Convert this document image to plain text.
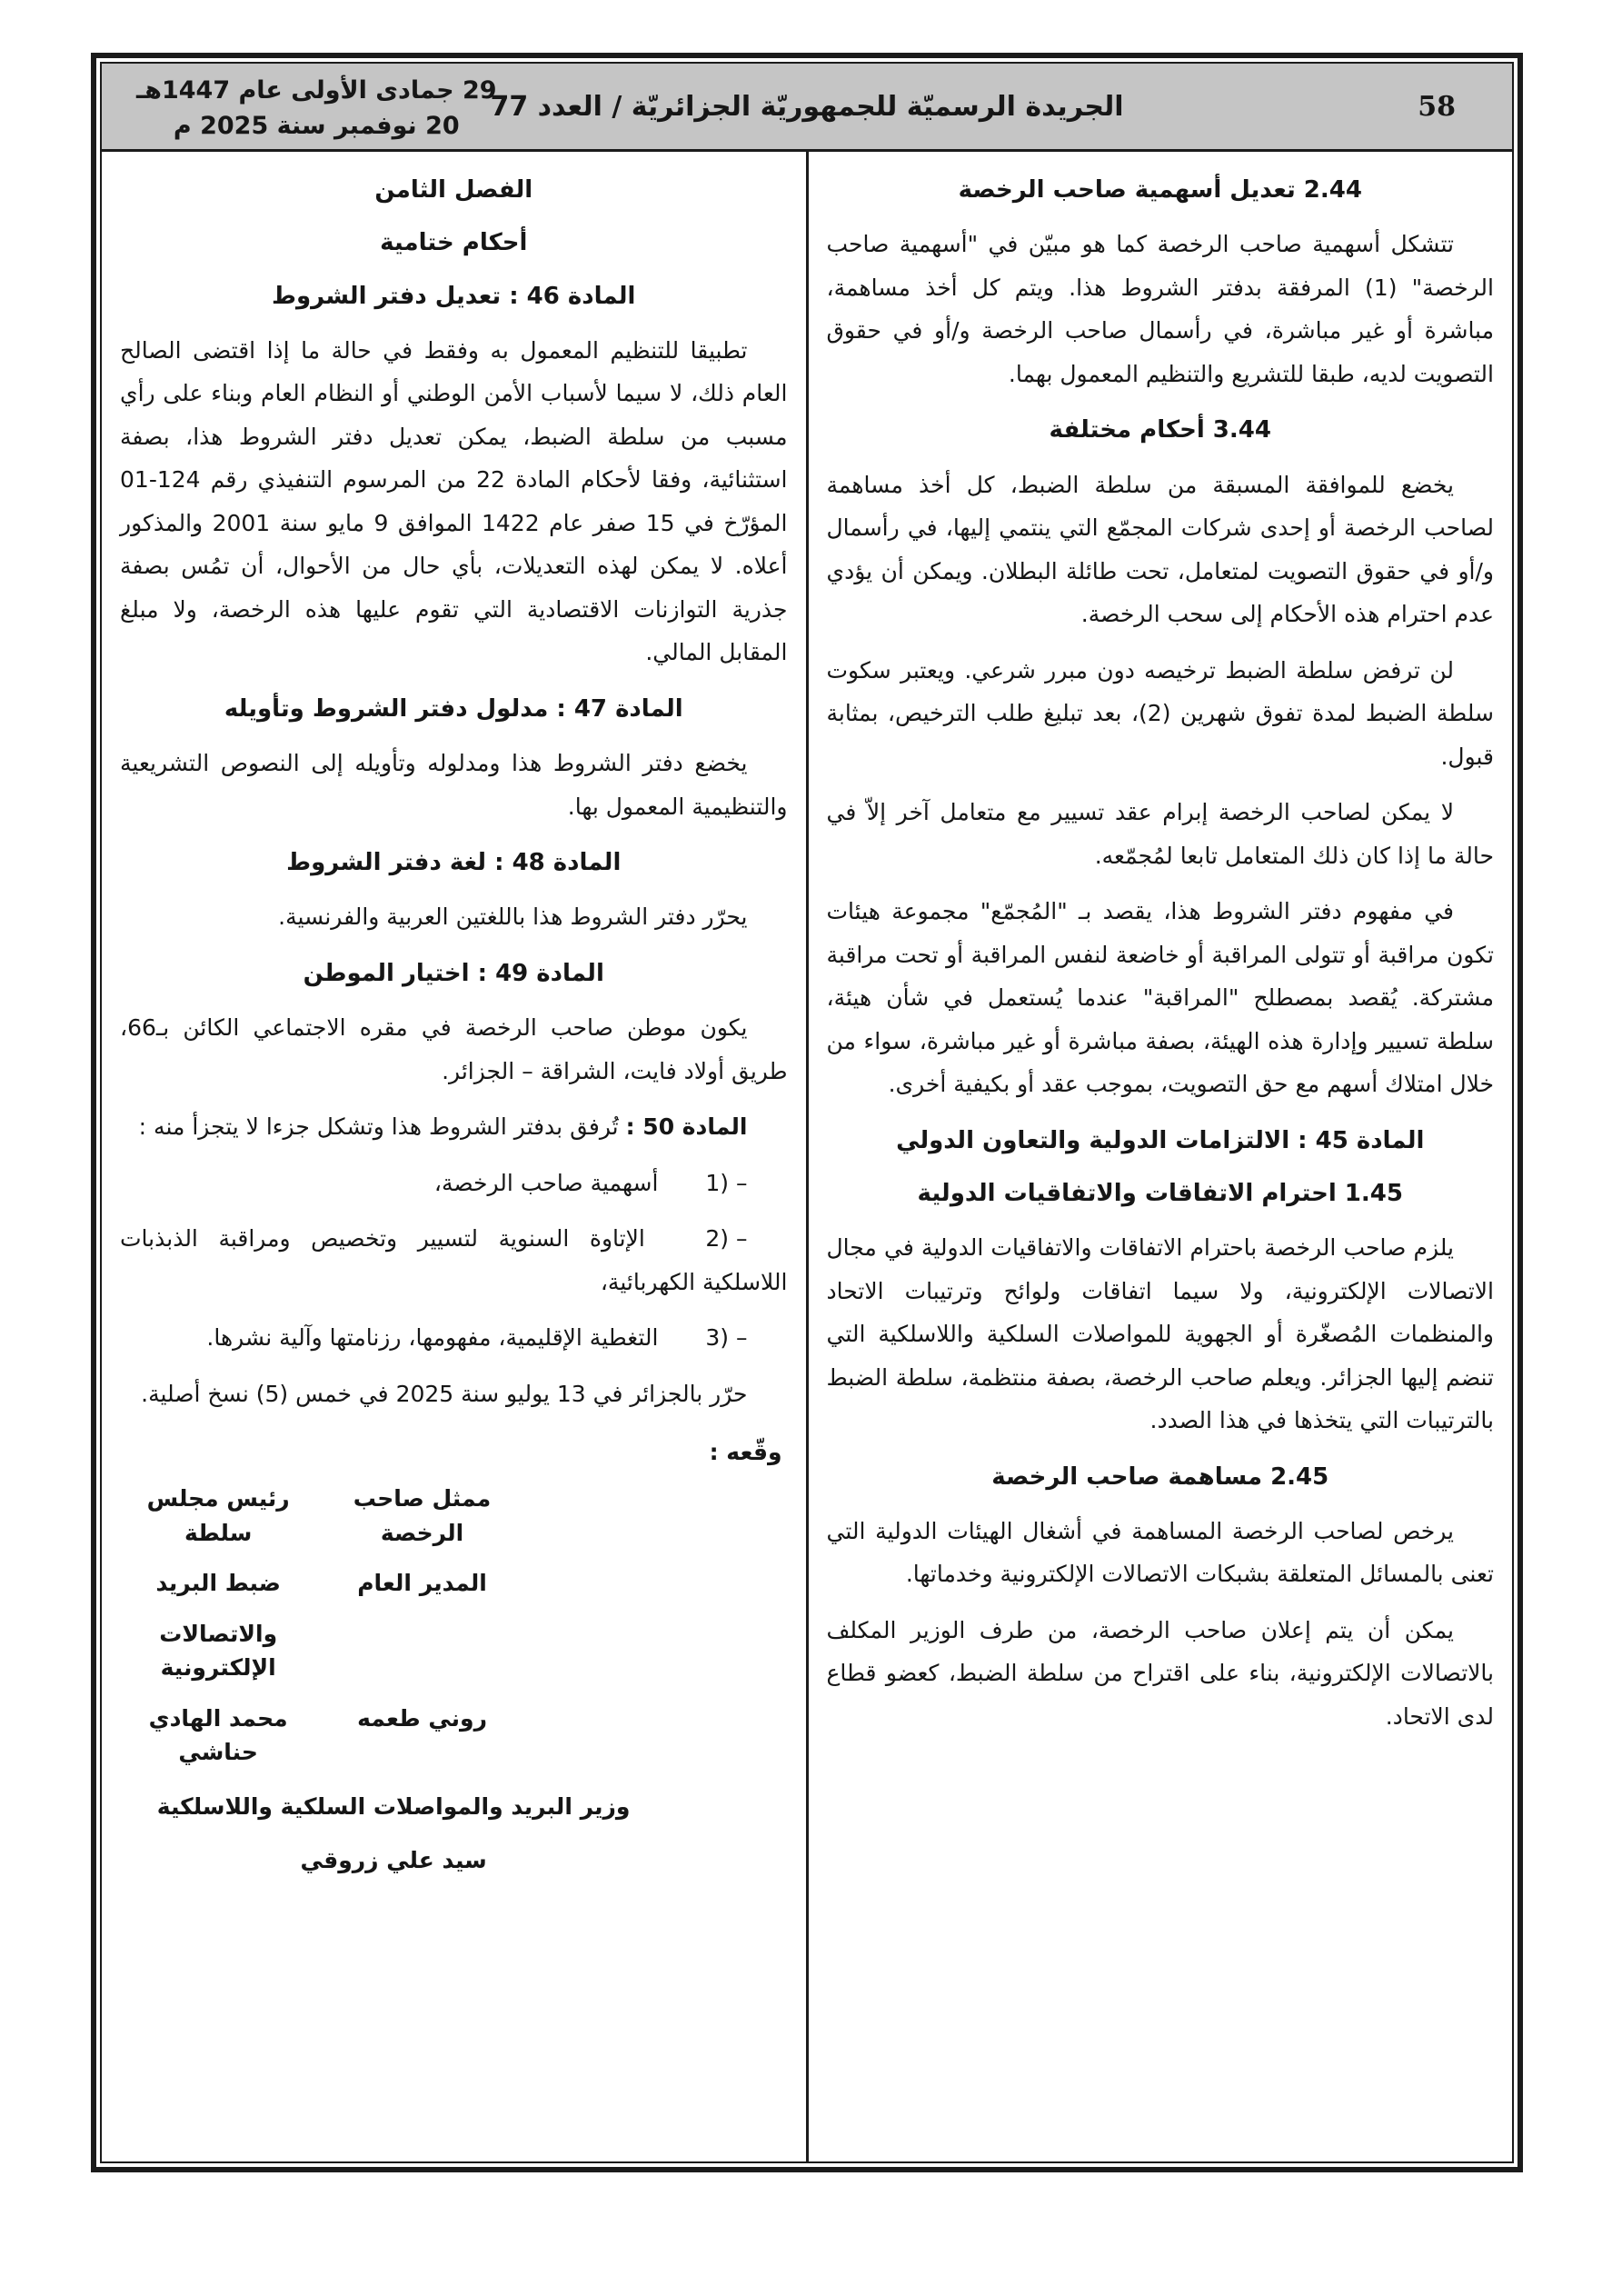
29 جمادى الأولى عام 1447هـ
20 نوفمبر سنة 2025 م
الجريدة الرسميّة للجمهوريّة الجزائريّة / العدد 77	58
2.44 تعديل أسهمية صاحب الرخصة

تتشكل أسهمية صاحب الرخصة كما هو مبيّن في "أسهمية صاحب الرخصة" (1) المرفقة بدفتر الشروط هذا. ويتم كل أخذ مساهمة، مباشرة أو غير مباشرة، في رأسمال صاحب الرخصة و/أو في حقوق التصويت لديه، طبقا للتشريع والتنظيم المعمول بهما.

3.44 أحكام مختلفة

يخضع للموافقة المسبقة من سلطة الضبط، كل أخذ مساهمة لصاحب الرخصة أو إحدى شركات المجمّع التي ينتمي إليها، في رأسمال و/أو في حقوق التصويت لمتعامل، تحت طائلة البطلان. ويمكن أن يؤدي عدم احترام هذه الأحكام إلى سحب الرخصة.

لن ترفض سلطة الضبط ترخيصه دون مبرر شرعي. ويعتبر سكوت سلطة الضبط لمدة تفوق شهرين (2)، بعد تبليغ طلب الترخيص، بمثابة قبول.

لا يمكن لصاحب الرخصة إبرام عقد تسيير مع متعامل آخر إلاّ في حالة ما إذا كان ذلك المتعامل تابعا لمُجمّعه.

في مفهوم دفتر الشروط هذا، يقصد بـ "المُجمّع" مجموعة هيئات تكون مراقبة أو تتولى المراقبة أو خاضعة لنفس المراقبة أو تحت مراقبة مشتركة. يُقصد بمصطلح "المراقبة" عندما يُستعمل في شأن هيئة، سلطة تسيير وإدارة هذه الهيئة، بصفة مباشرة أو غير مباشرة، سواء من خلال امتلاك أسهم مع حق التصويت، بموجب عقد أو بكيفية أخرى.

المادة 45 : الالتزامات الدولية والتعاون الدولي
1.45 احترام الاتفاقات والاتفاقيات الدولية

يلزم صاحب الرخصة باحترام الاتفاقات والاتفاقيات الدولية في مجال الاتصالات الإلكترونية، ولا سيما اتفاقات ولوائح وترتيبات الاتحاد والمنظمات المُصغّرة أو الجهوية للمواصلات السلكية واللاسلكية التي تنضم إليها الجزائر. ويعلم صاحب الرخصة، بصفة منتظمة، سلطة الضبط بالترتيبات التي يتخذها في هذا الصدد.

2.45 مساهمة صاحب الرخصة

يرخص لصاحب الرخصة المساهمة في أشغال الهيئات الدولية التي تعنى بالمسائل المتعلقة بشبكات الاتصالات الإلكترونية وخدماتها.

يمكن أن يتم إعلان صاحب الرخصة، من طرف الوزير المكلف بالاتصالات الإلكترونية، بناء على اقتراح من سلطة الضبط، كعضو قطاع لدى الاتحاد.

الفصل الثامن
أحكام ختامية
المادة 46 : تعديل دفتر الشروط

تطبيقا للتنظيم المعمول به وفقط في حالة ما إذا اقتضى الصالح العام ذلك، لا سيما لأسباب الأمن الوطني أو النظام العام وبناء على رأي مسبب من سلطة الضبط، يمكن تعديل دفتر الشروط هذا، بصفة استثنائية، وفقا لأحكام المادة 22 من المرسوم التنفيذي رقم 124-01 المؤرّخ في 15 صفر عام 1422 الموافق 9 مايو سنة 2001 والمذكور أعلاه. لا يمكن لهذه التعديلات، بأي حال من الأحوال، أن تمُس بصفة جذرية التوازنات الاقتصادية التي تقوم عليها هذه الرخصة، ولا مبلغ المقابل المالي.

المادة 47 : مدلول دفتر الشروط وتأويله

يخضع دفتر الشروط هذا ومدلوله وتأويله إلى النصوص التشريعية والتنظيمية المعمول بها.

المادة 48 : لغة دفتر الشروط

يحرّر دفتر الشروط هذا باللغتين العربية والفرنسية.

المادة 49 : اختيار الموطن

يكون موطن صاحب الرخصة في مقره الاجتماعي الكائن بـ66، طريق أولاد فايت، الشراقة – الجزائر.

المادة 50 : تُرفق بدفتر الشروط هذا وتشكل جزءا لا يتجزأ منه :

1) – أسهمية صاحب الرخصة،

2) – الإتاوة السنوية لتسيير وتخصيص ومراقبة الذبذبات اللاسلكية الكهربائية،

3) – التغطية الإقليمية، مفهومها، رزنامتها وآلية نشرها.

حرّر بالجزائر في 13 يوليو سنة 2025 في خمس (5) نسخ أصلية.

وقّعه :
ممثل صاحب الرخصة
رئيس مجلس سلطة
المدير العام
ضبط البريد
والاتصالات الإلكترونية
روني طعمه
محمد الهادي حناشي
وزير البريد والمواصلات السلكية واللاسلكية
سيد علي زروقي
